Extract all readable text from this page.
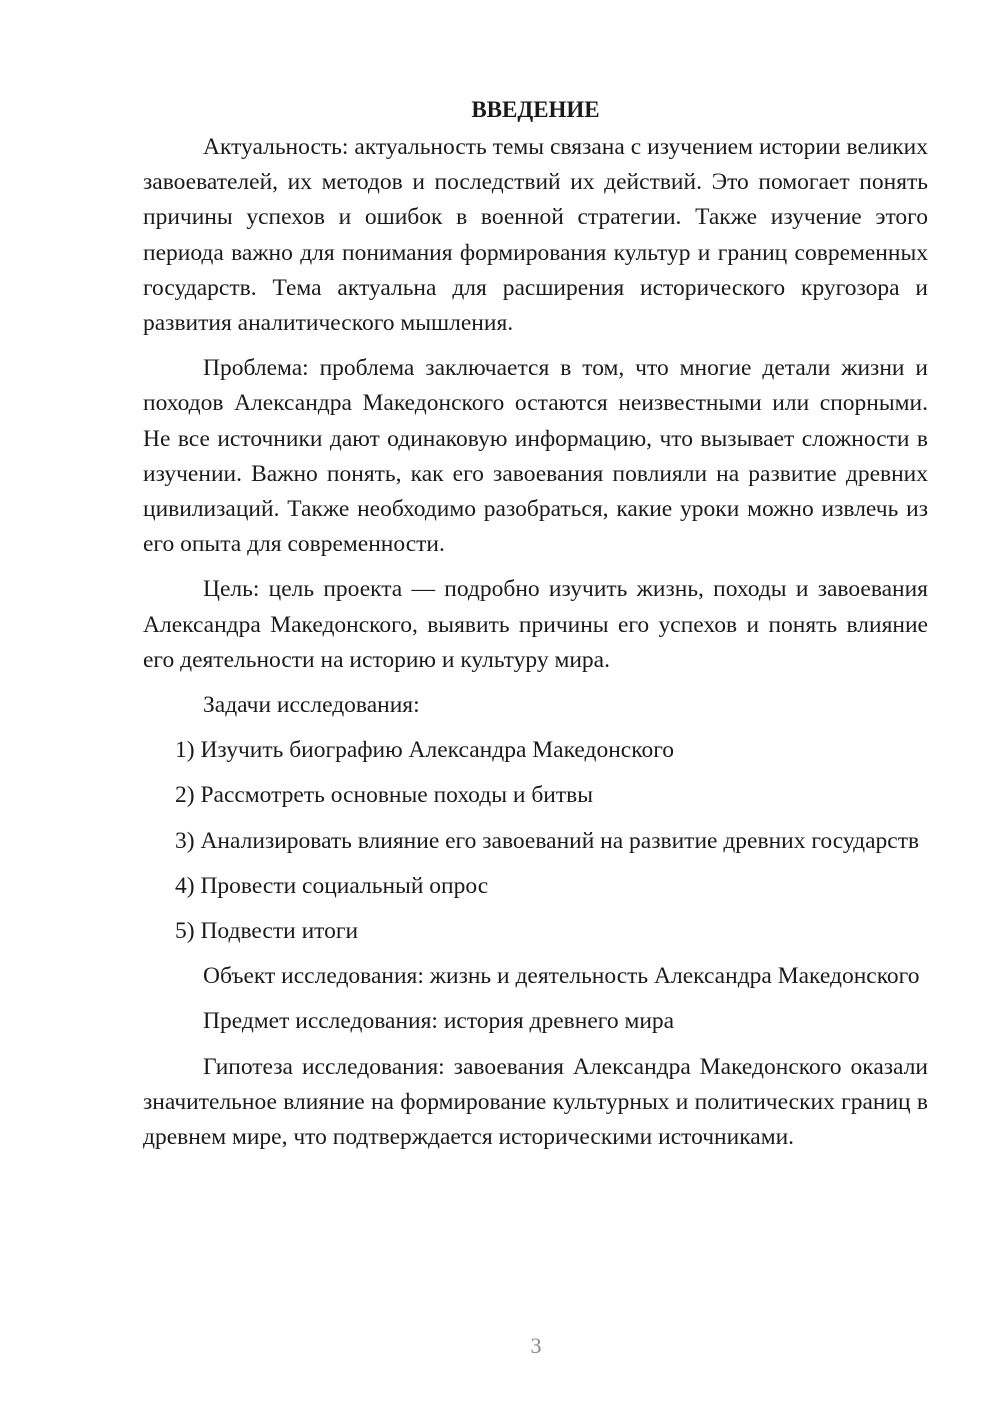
ВВЕДЕНИЕ

Актуальность: актуальность темы связана с изучением истории великих завоевателей, их методов и последствий их действий. Это помогает понять причины успехов и ошибок в военной стратегии. Также изучение этого периода важно для понимания формирования культур и границ современных государств. Тема актуальна для расширения исторического кругозора и развития аналитического мышления.

Проблема: проблема заключается в том, что многие детали жизни и походов Александра Македонского остаются неизвестными или спорными. Не все источники дают одинаковую информацию, что вызывает сложности в изучении. Важно понять, как его завоевания повлияли на развитие древних цивилизаций. Также необходимо разобраться, какие уроки можно извлечь из его опыта для современности.

Цель: цель проекта — подробно изучить жизнь, походы и завоевания Александра Македонского, выявить причины его успехов и понять влияние его деятельности на историю и культуру мира.

Задачи исследования:

1) Изучить биографию Александра Македонского

2) Рассмотреть основные походы и битвы

3) Анализировать влияние его завоеваний на развитие древних государств

4) Провести социальный опрос

5) Подвести итоги

Объект исследования: жизнь и деятельность Александра Македонского

Предмет исследования: история древнего мира

Гипотеза исследования: завоевания Александра Македонского оказали значительное влияние на формирование культурных и политических границ в древнем мире, что подтверждается историческими источниками.

3
